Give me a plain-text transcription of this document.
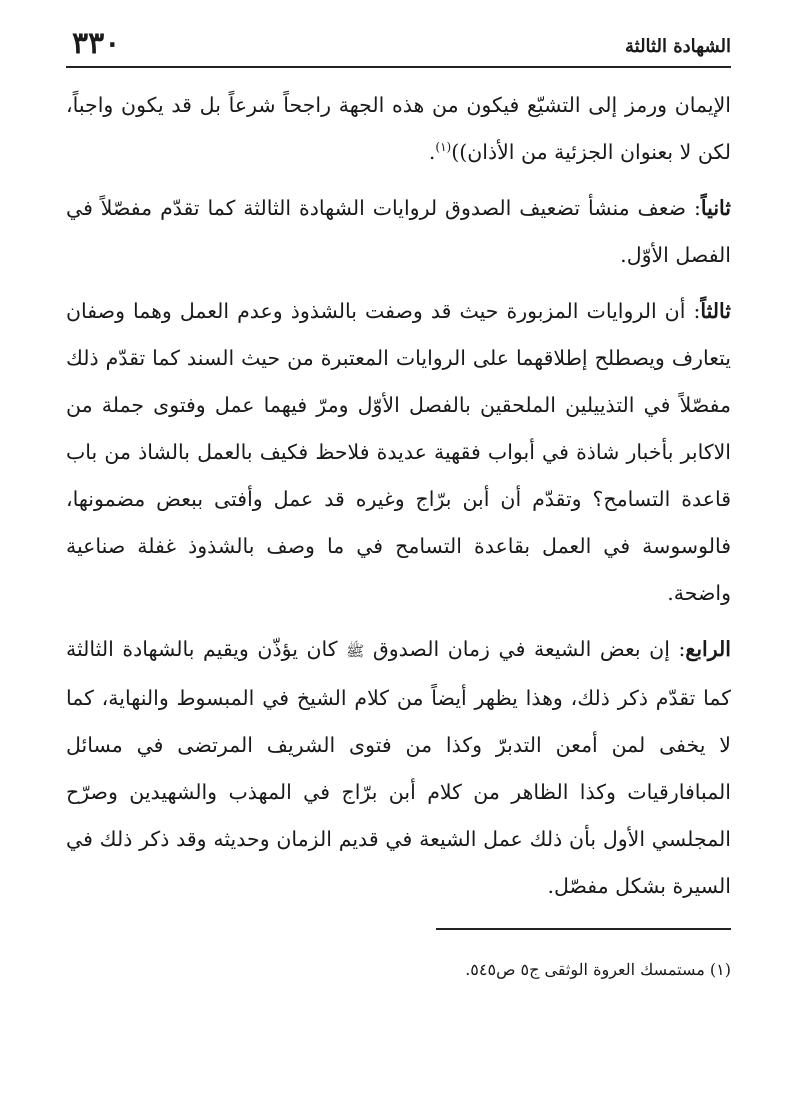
الشهادة الثالثة
٣٣٠

الإيمان ورمز إلى التشيّع فيكون من هذه الجهة راجحاً شرعاً بل قد يكون واجباً، لكن لا بعنوان الجزئية من الأذان))$^{(١)}$.

ثانياً: ضعف منشأ تضعيف الصدوق لروايات الشهادة الثالثة كما تقدّم مفصّلاً في الفصل الأوّل.

ثالثاً: أن الروايات المزبورة حيث قد وصفت بالشذوذ وعدم العمل وهما وصفان يتعارف ويصطلح إطلاقهما على الروايات المعتبرة من حيث السند كما تقدّم ذلك مفصّلاً في التذييلين الملحقين بالفصل الأوّل ومرّ فيهما عمل وفتوى جملة من الاكابر بأخبار شاذة في أبواب فقهية عديدة فلاحظ فكيف بالعمل بالشاذ من باب قاعدة التسامح؟ وتقدّم أن أبن برّاج وغيره قد عمل وأفتى ببعض مضمونها، فالوسوسة في العمل بقاعدة التسامح في ما وصف بالشذوذ غفلة صناعية واضحة.

الرابع: إن بعض الشيعة في زمان الصدوق ﷺ كان يؤذّن ويقيم بالشهادة الثالثة كما تقدّم ذكر ذلك، وهذا يظهر أيضاً من كلام الشيخ في المبسوط والنهاية، كما لا يخفى لمن أمعن التدبرّ وكذا من فتوى الشريف المرتضى في مسائل المبافارقيات وكذا الظاهر من كلام أبن برّاج في المهذب والشهيدين وصرّح المجلسي الأول بأن ذلك عمل الشيعة في قديم الزمان وحديثه وقد ذكر ذلك في السيرة بشكل مفصّل.

(١) مستمسك العروة الوثقى ج٥ ص٥٤٥.
